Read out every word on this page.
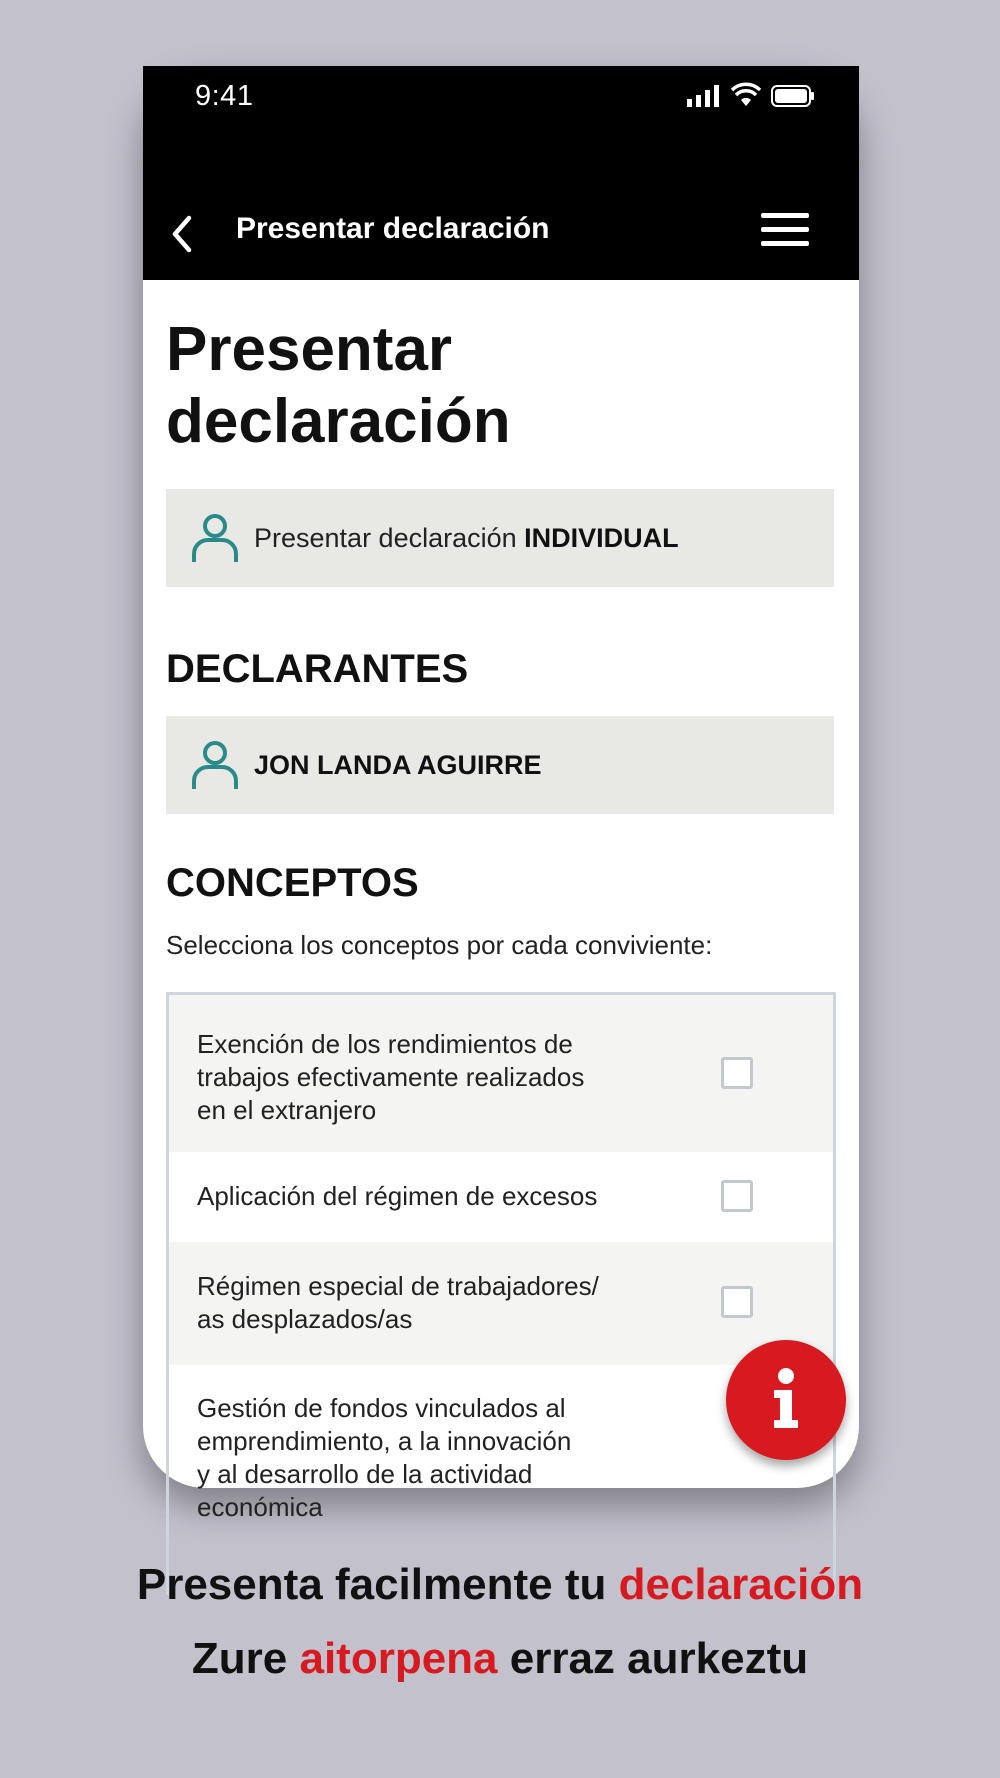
9:41
Presentar declaración
Presentar
declaración
Presentar declaración INDIVIDUAL
DECLARANTES
JON LANDA AGUIRRE
CONCEPTOS
Selecciona los conceptos por cada conviviente:
Exención de los rendimientos de
trabajos efectivamente realizados
en el extranjero
Aplicación del régimen de excesos
Régimen especial de trabajadores/
as desplazados/as
Gestión de fondos vinculados al
emprendimiento, a la innovación
y al desarrollo de la actividad
económica
Presenta facilmente tu declaración
Zure aitorpena erraz aurkeztu
